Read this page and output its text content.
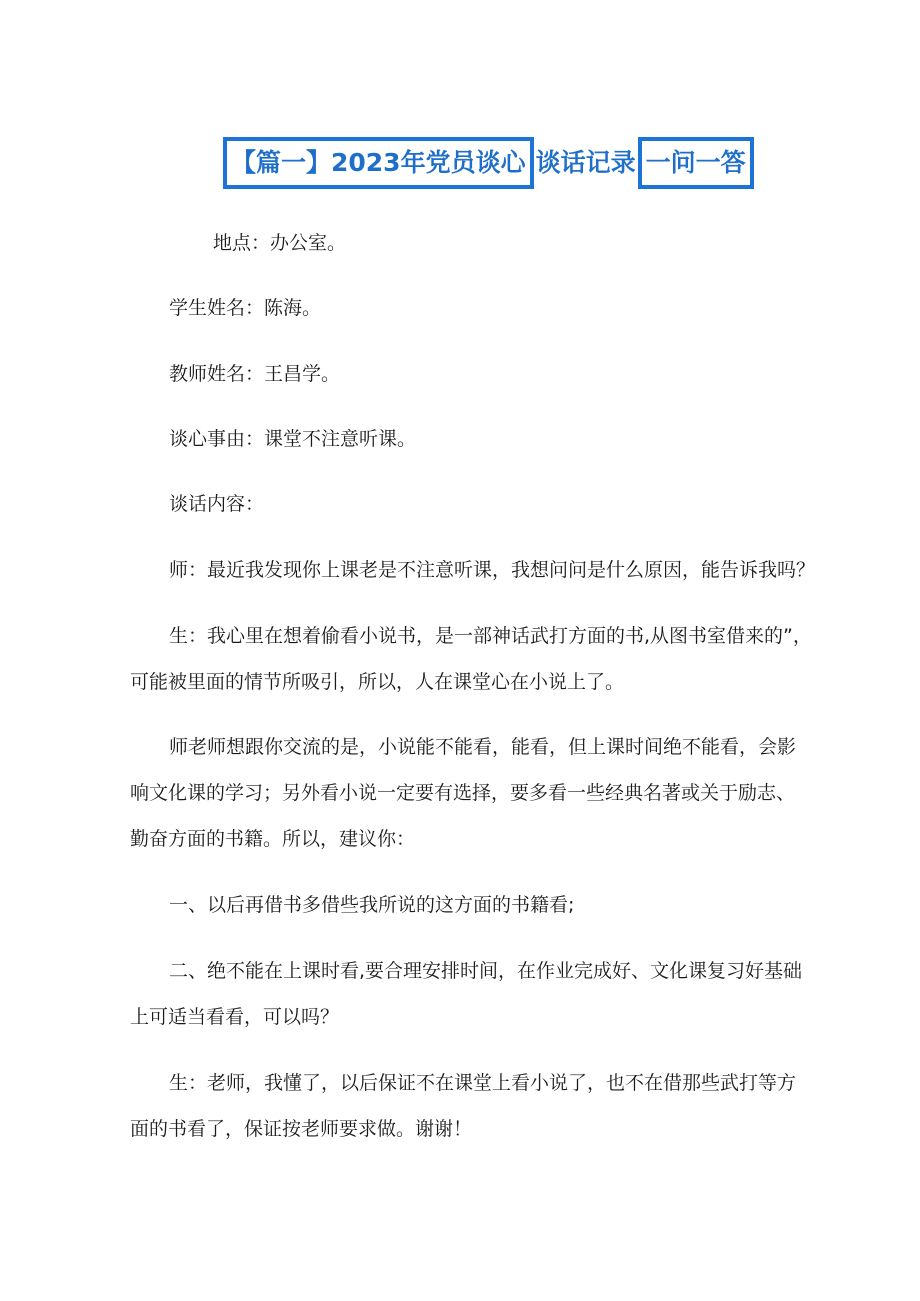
【篇一】2023年党员谈心 谈话记录 一问一答
地点：办公室。
学生姓名：陈海。
教师姓名：王昌学。
谈心事由：课堂不注意听课。
谈话内容：
师：最近我发现你上课老是不注意听课，我想问问是什么原因，能告诉我吗？
生：我心里在想着偷看小说书，是一部神话武打方面的书,从图书室借来的”，
可能被里面的情节所吸引，所以，人在课堂心在小说上了。
师老师想跟你交流的是，小说能不能看，能看，但上课时间绝不能看，会影
响文化课的学习；另外看小说一定要有选择，要多看一些经典名著或关于励志、
勤奋方面的书籍。所以，建议你：
一、以后再借书多借些我所说的这方面的书籍看;
二、绝不能在上课时看,要合理安排时间，在作业完成好、文化课复习好基础
上可适当看看，可以吗？
生：老师，我懂了，以后保证不在课堂上看小说了，也不在借那些武打等方
面的书看了，保证按老师要求做。谢谢！
